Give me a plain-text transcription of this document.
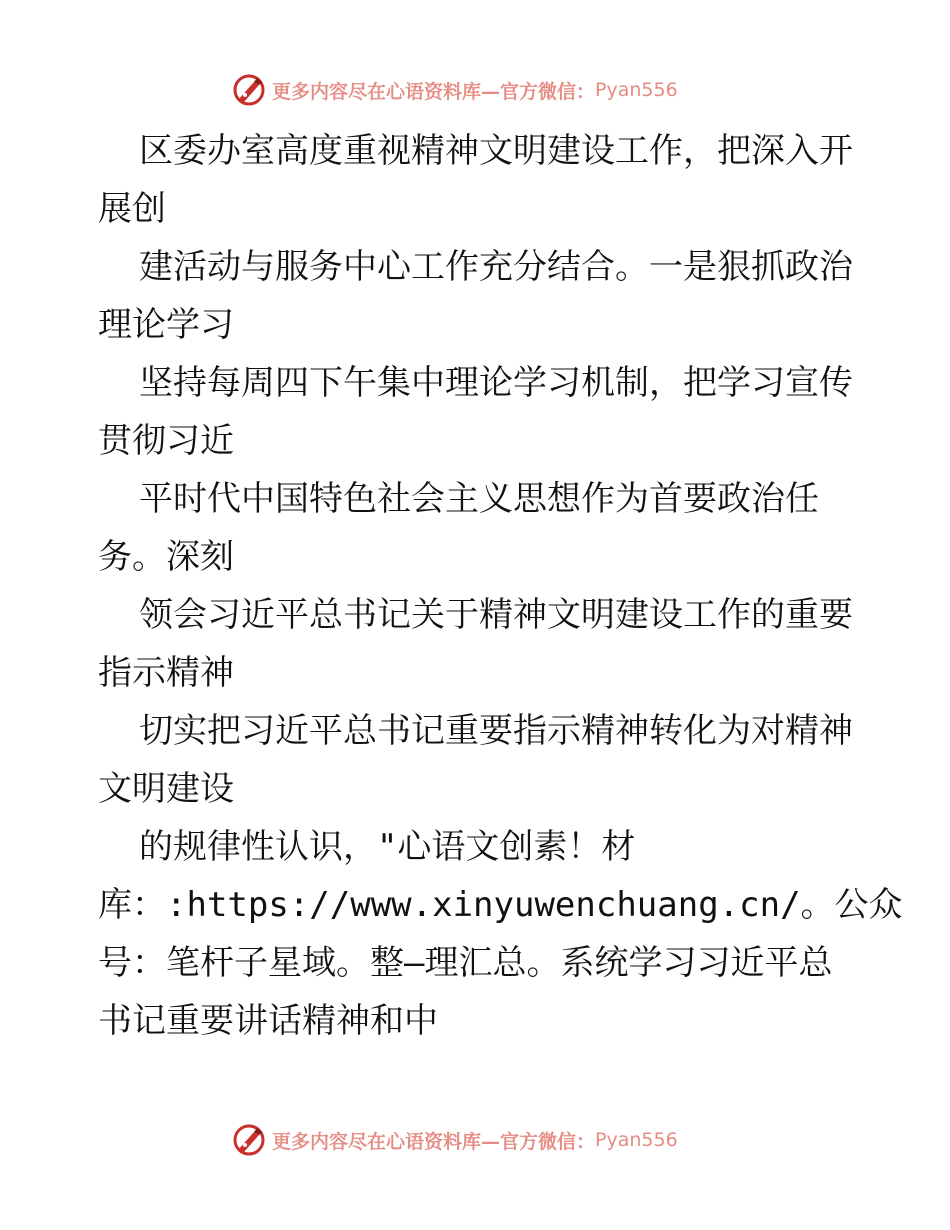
更多内容尽在心语资料库—官方微信： Pyan556
区委办室高度重视精神文明建设工作，把深入开
展创
建活动与服务中心工作充分结合。一是狠抓政治
理论学习
坚持每周四下午集中理论学习机制，把学习宣传
贯彻习近
平时代中国特色社会主义思想作为首要政治任
务。深刻
领会习近平总书记关于精神文明建设工作的重要
指示精神
切实把习近平总书记重要指示精神转化为对精神
文明建设
的规律性认识，"心语文创素！材
库：:https://www.xinyuwenchuang.cn/。公众
号：笔杆子星域。整—理汇总。系统学习习近平总
书记重要讲话精神和中
更多内容尽在心语资料库—官方微信： Pyan556
